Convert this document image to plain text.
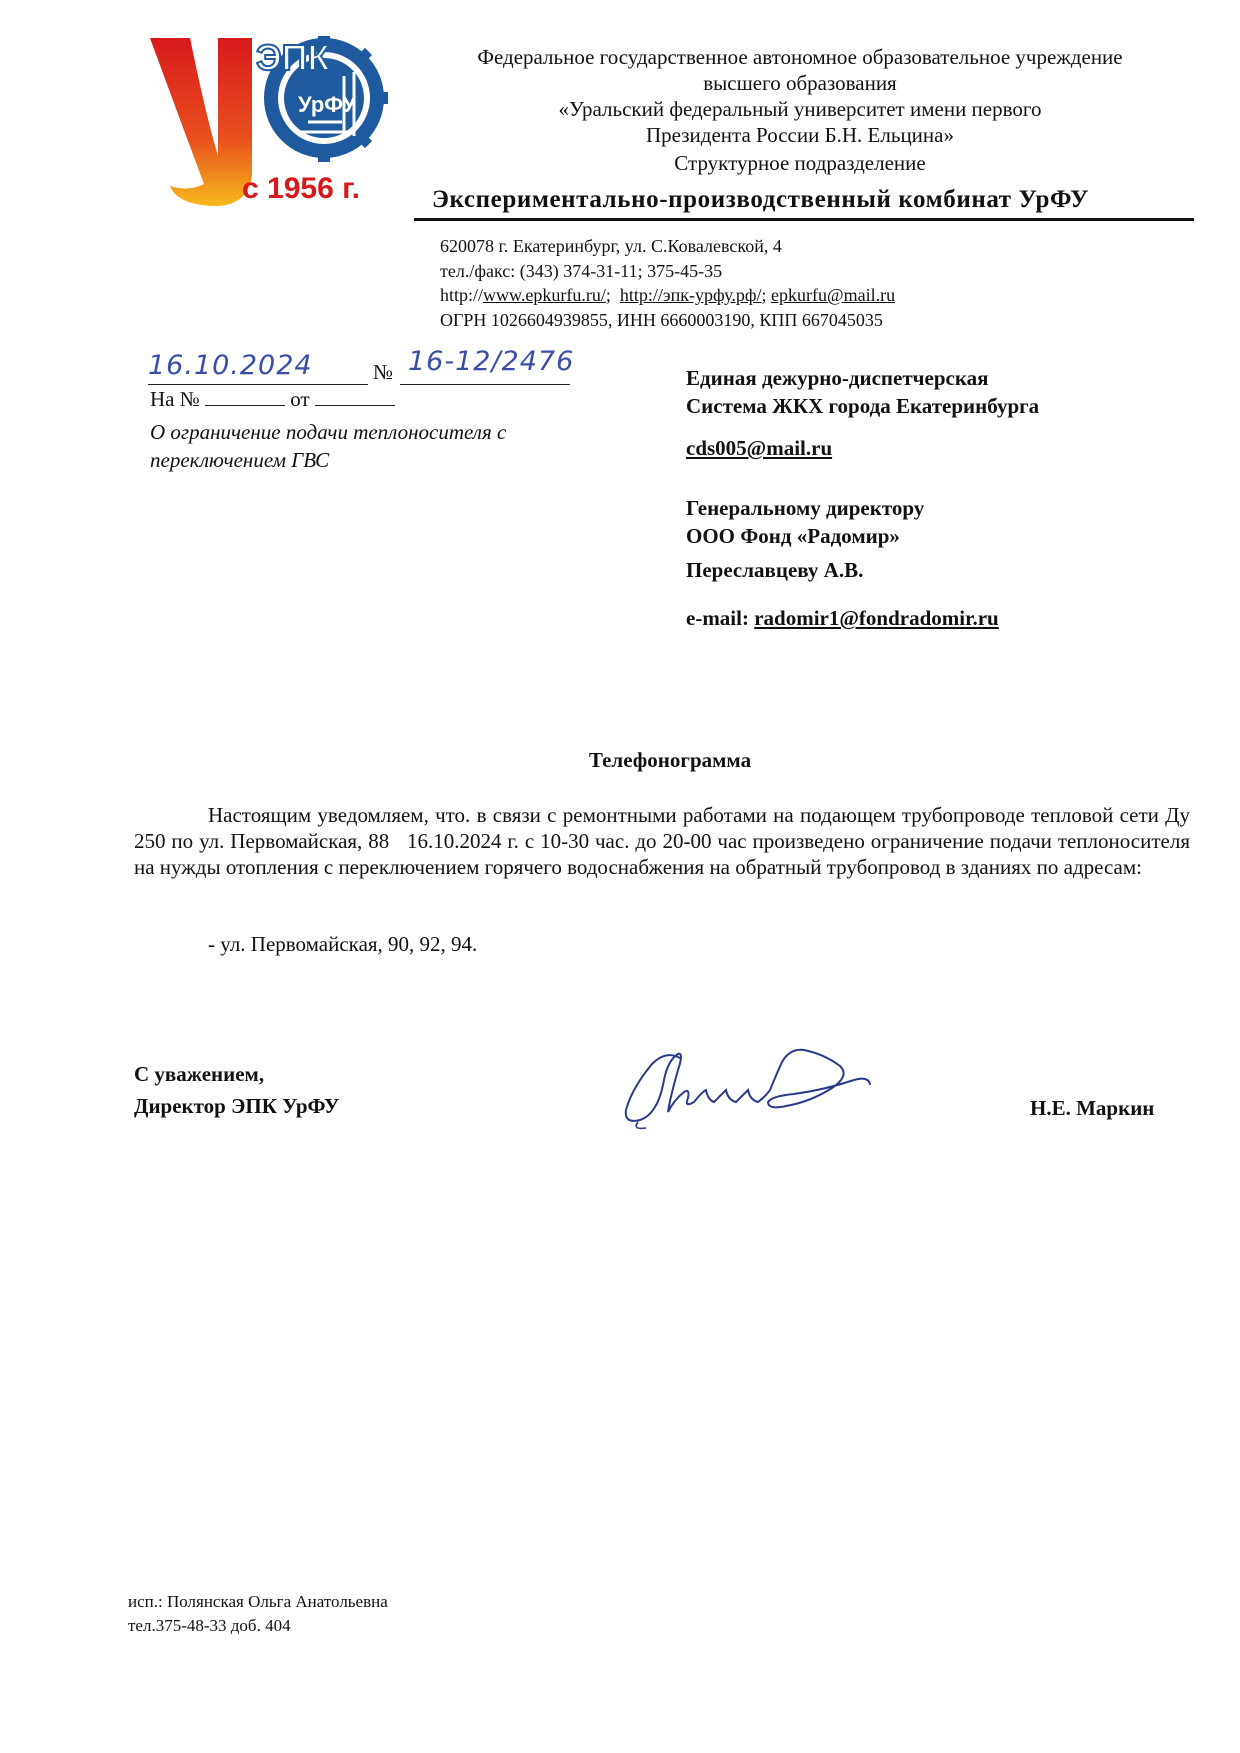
ЭПК
УрФУ
с 1956 г.
Федеральное государственное автономное образовательное учреждение
высшего образования
«Уральский федеральный университет имени первого
Президента России Б.Н. Ельцина»
Структурное подразделение
Экспериментально-производственный комбинат УрФУ
620078 г. Екатеринбург, ул. С.Ковалевской, 4
тел./факс: (343) 374-31-11; 375-45-35
http://www.epkurfu.ru/;  http://эпк-урфу.рф/; epkurfu@mail.ru
ОГРН 1026604939855, ИНН 6660003190, КПП 667045035
16.10.2024	№ 16-12/2476
На №	от
О ограничение подачи теплоносителя с
переключением ГВС
Единая дежурно-диспетчерская
Система ЖКХ города Екатеринбурга
cds005@mail.ru
Генеральному директору
ООО Фонд «Радомир»
Переславцеву А.В.
e-mail: radomir1@fondradomir.ru
Телефонограмма
Настоящим уведомляем, что. в связи с ремонтными работами на подающем трубопроводе тепловой сети Ду 250 по ул. Первомайская, 88   16.10.2024 г. с 10-30 час. до 20-00 час произведено ограничение подачи теплоносителя на нужды отопления с переключением горячего водоснабжения на обратный трубопровод в зданиях по адресам:
- ул. Первомайская, 90, 92, 94.
С уважением,
Директор ЭПК УрФУ	Н.Е. Маркин
исп.: Полянская Ольга Анатольевна
тел.375-48-33 доб. 404
